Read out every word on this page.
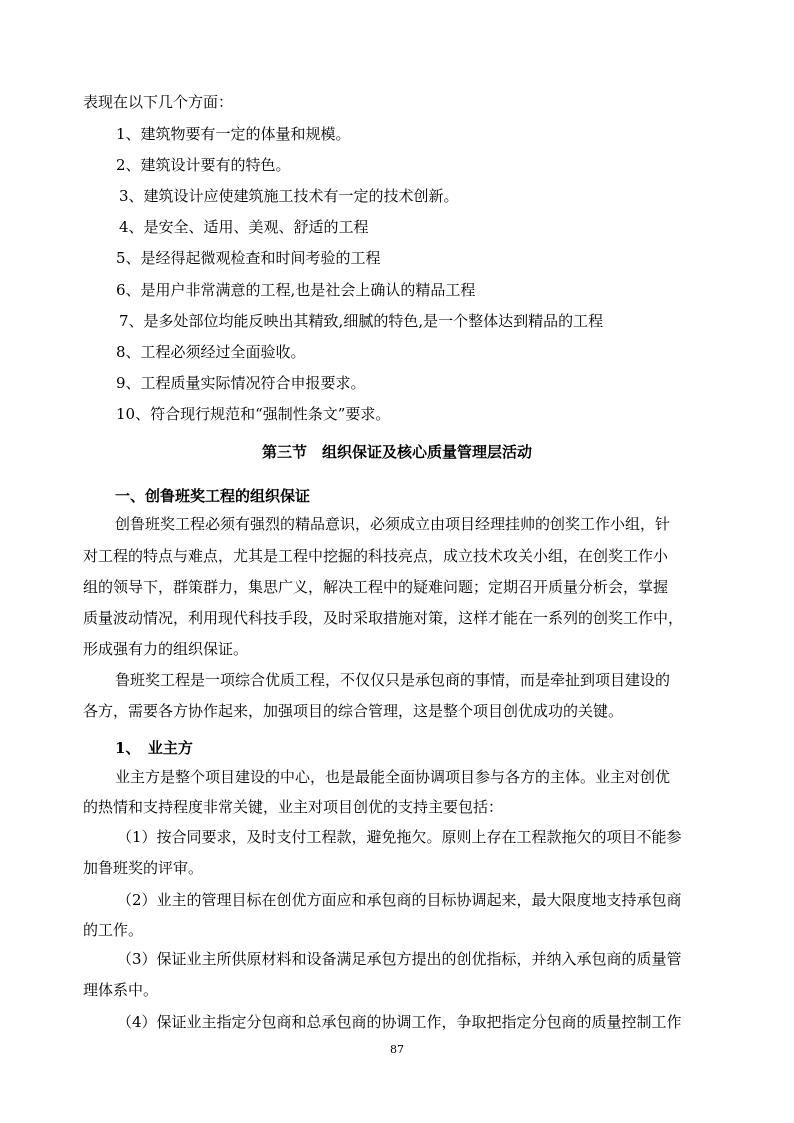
表现在以下几个方面：
1、建筑物要有一定的体量和规模。
2、建筑设计要有的特色。
3、建筑设计应使建筑施工技术有一定的技术创新。
4、是安全、适用、美观、舒适的工程
5、是经得起微观检查和时间考验的工程
6、是用户非常满意的工程,也是社会上确认的精品工程
7、是多处部位均能反映出其精致,细腻的特色,是一个整体达到精品的工程
8、工程必须经过全面验收。
9、工程质量实际情况符合申报要求。
10、符合现行规范和“强制性条文”要求。
第三节　组织保证及核心质量管理层活动
一、创鲁班奖工程的组织保证
创鲁班奖工程必须有强烈的精品意识，必须成立由项目经理挂帅的创奖工作小组，针
对工程的特点与难点，尤其是工程中挖掘的科技亮点，成立技术攻关小组，在创奖工作小
组的领导下，群策群力，集思广义，解决工程中的疑难问题；定期召开质量分析会，掌握
质量波动情况，利用现代科技手段，及时采取措施对策，这样才能在一系列的创奖工作中，
形成强有力的组织保证。
鲁班奖工程是一项综合优质工程，不仅仅只是承包商的事情，而是牵扯到项目建设的
各方，需要各方协作起来，加强项目的综合管理，这是整个项目创优成功的关键。
1、　业主方
业主方是整个项目建设的中心，也是最能全面协调项目参与各方的主体。业主对创优
的热情和支持程度非常关键，业主对项目创优的支持主要包括：
（1）按合同要求，及时支付工程款，避免拖欠。原则上存在工程款拖欠的项目不能参
加鲁班奖的评审。
（2）业主的管理目标在创优方面应和承包商的目标协调起来，最大限度地支持承包商
的工作。
（3）保证业主所供原材料和设备满足承包方提出的创优指标，并纳入承包商的质量管
理体系中。
（4）保证业主指定分包商和总承包商的协调工作，争取把指定分包商的质量控制工作
87
